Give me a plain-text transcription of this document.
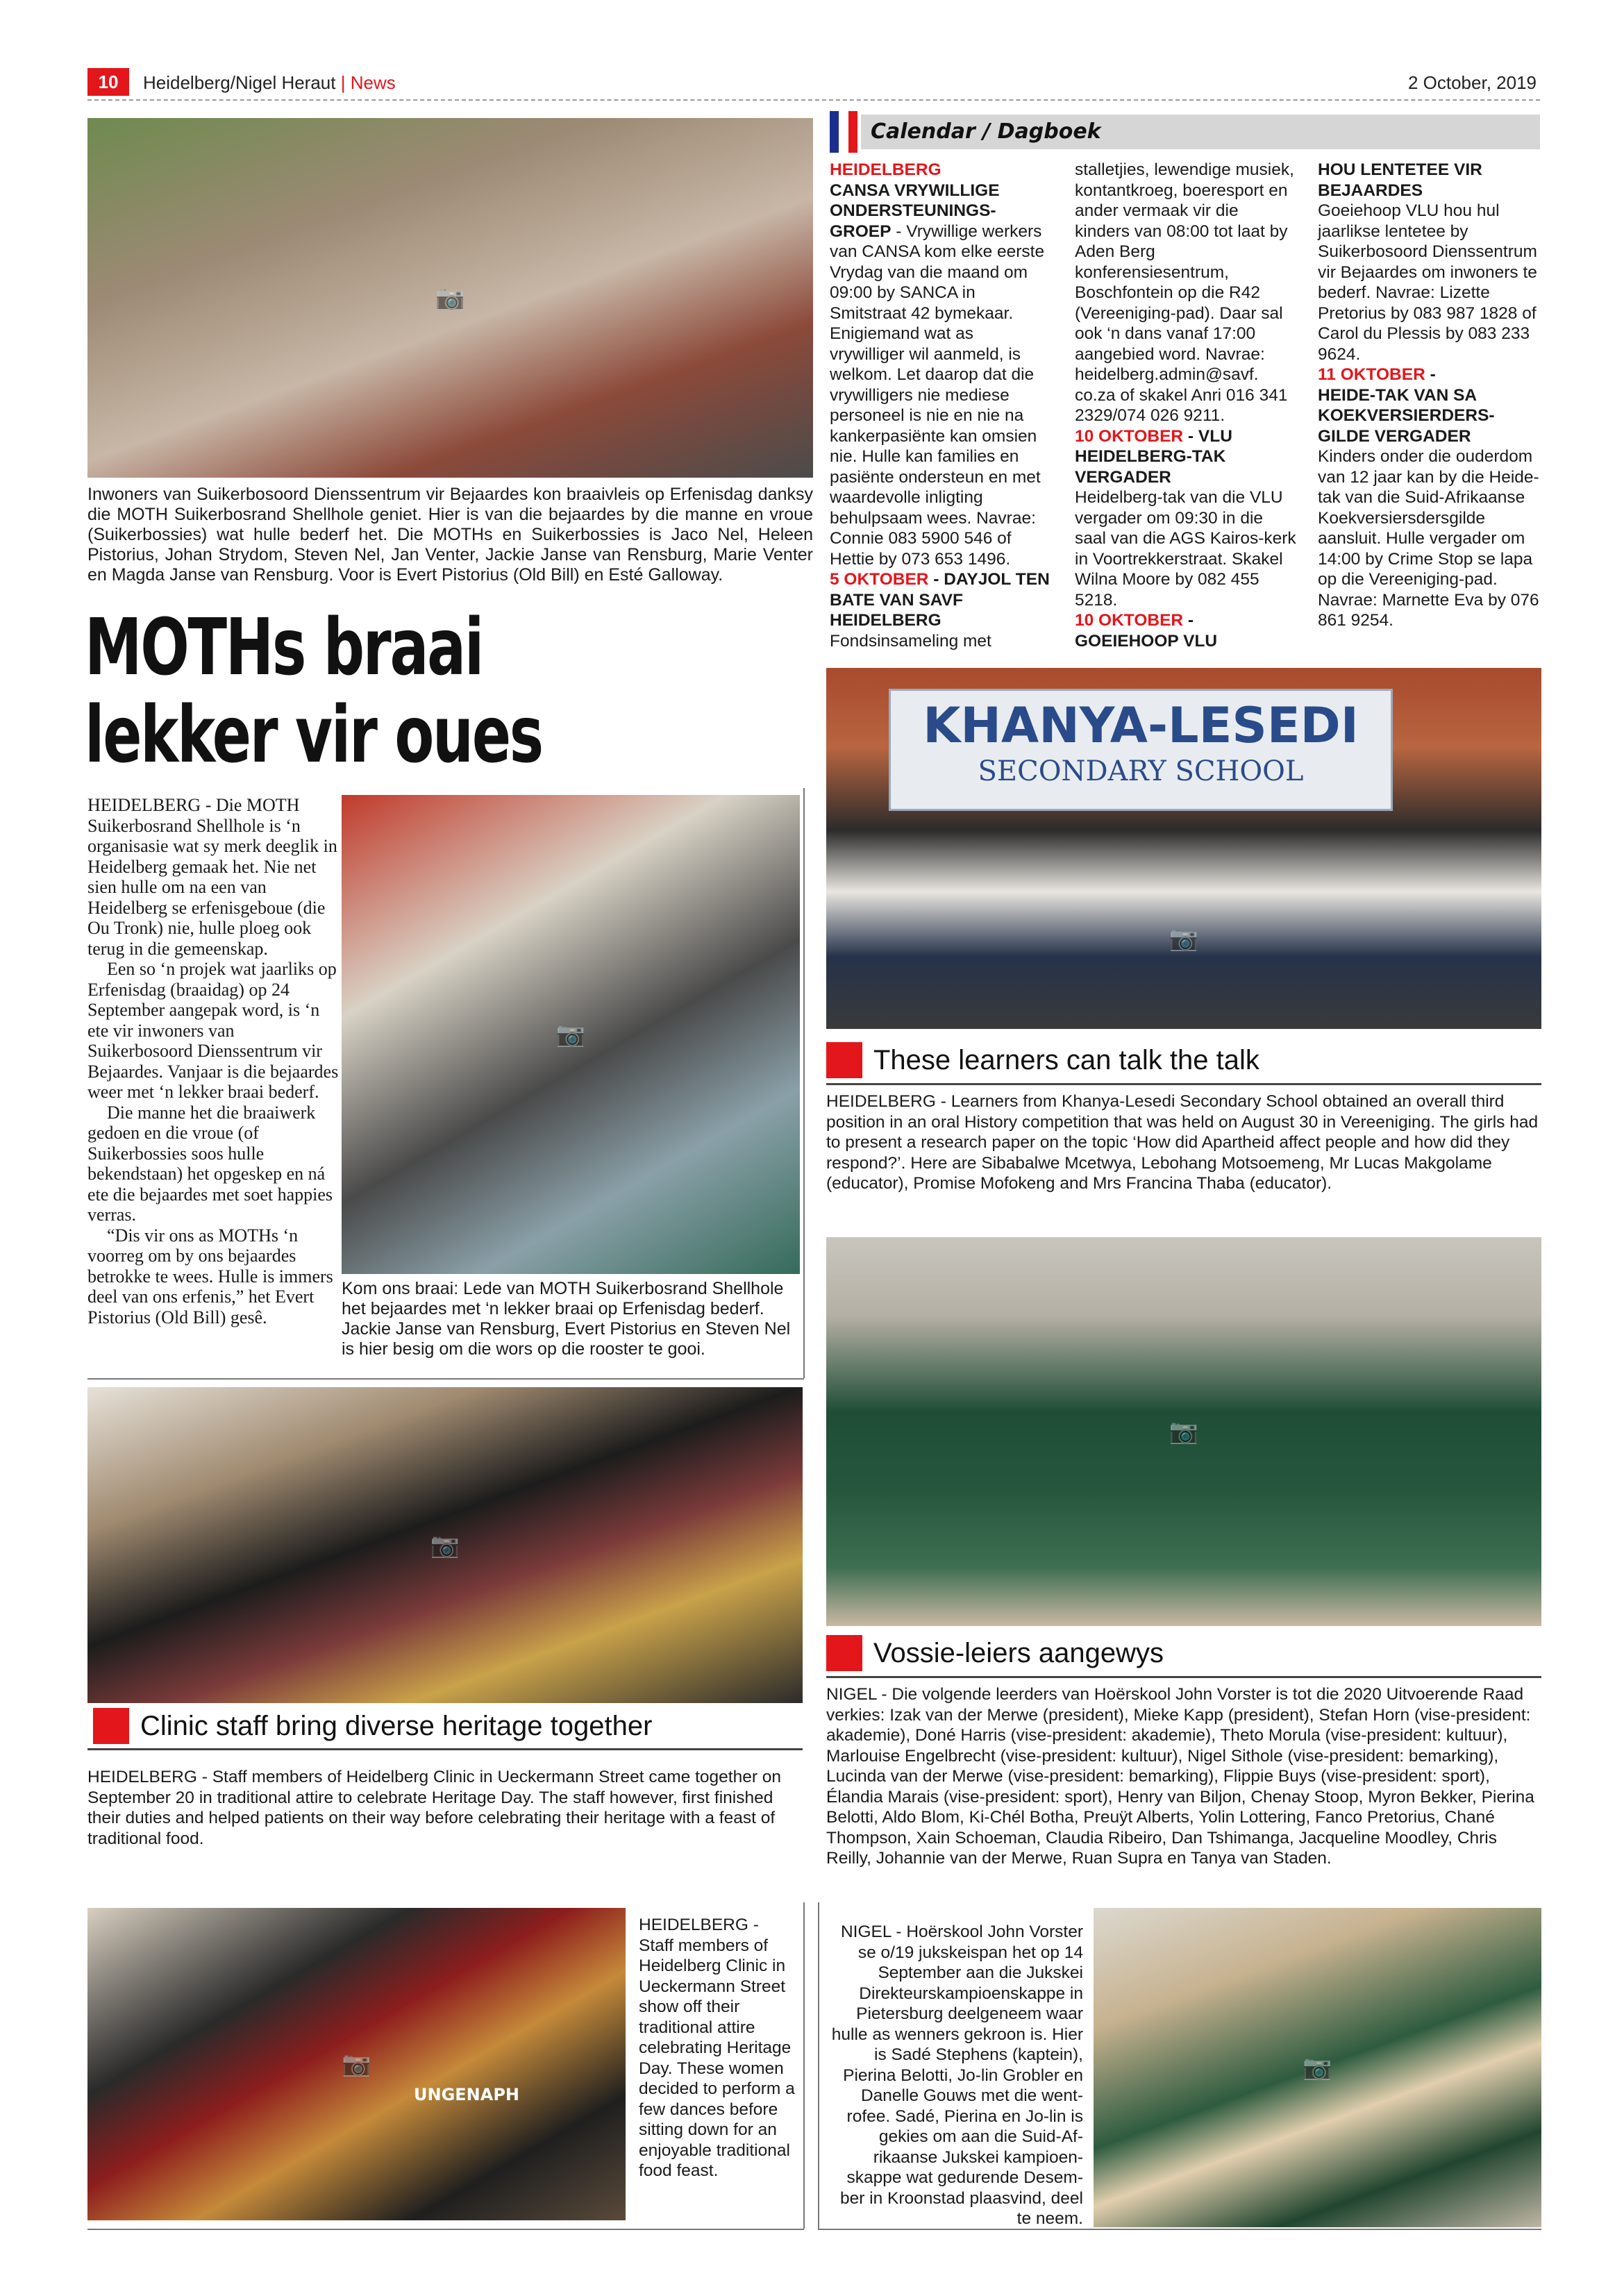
10	Heidelberg/Nigel Heraut | News	2 October, 2019
📷
Inwoners van Suikerbosoord Dienssentrum vir Bejaardes kon braaivleis op Erfenisdag danksy die MOTH Suikerbosrand Shellhole geniet. Hier is van die bejaardes by die manne en vroue (Suikerbossies) wat hulle bederf het. Die MOTHs en Suikerbossies is Jaco Nel, Heleen Pistorius, Johan Strydom, Steven Nel, Jan Venter, Jackie Janse van Rensburg, Marie Venter en Magda Janse van Rensburg. Voor is Evert Pistorius (Old Bill) en Esté Galloway.
MOTHs braai
lekker vir oues

HEIDELBERG - Die MOTH Suikerbosrand Shellhole is ‘n organisasie wat sy merk deeglik in Heidelberg gemaak het. Nie net sien hulle om na een van Heidelberg se erfenisgeboue (die Ou Tronk) nie, hulle ploeg ook terug in die gemeenskap.

Een so ‘n projek wat jaarliks op Erfenisdag (braaidag) op 24 September aangepak word, is ‘n ete vir inwoners van Suikerbosoord Dienssentrum vir Bejaardes. Vanjaar is die bejaardes weer met ‘n lekker braai bederf.

Die manne het die braaiwerk gedoen en die vroue (of Suikerbossies soos hulle bekendstaan) het opgeskep en ná ete die bejaardes met soet happies verras.

“Dis vir ons as MOTHs ‘n voorreg om by ons bejaardes betrokke te wees. Hulle is immers deel van ons erfenis,” het Evert Pistorius (Old Bill) gesê.

📷
Kom ons braai: Lede van MOTH Suikerbosrand Shellhole het bejaardes met ‘n lekker braai op Erfenisdag bederf. Jackie Janse van Rensburg, Evert Pistorius en Steven Nel is hier besig om die wors op die rooster te gooi.
Calendar / Dagboek

HEIDELBERG

CANSA VRYWILLIGE ONDERSTEUNINGS-GROEP - Vrywillige werkers van CANSA kom elke eerste Vrydag van die maand om 09:00 by SANCA in Smitstraat 42 bymekaar. Enigiemand wat as vrywilliger wil aanmeld, is welkom. Let daarop dat die vrywilligers nie mediese personeel is nie en nie na kankerpasiënte kan omsien nie. Hulle kan families en pasiënte ondersteun en met waardevolle inligting behulpsaam wees. Navrae: Connie 083 5900 546 of Hettie by 073 653 1496.

5 OKTOBER - DAYJOL TEN BATE VAN SAVF HEIDELBERG

Fondsinsameling met

stalletjies, lewendige musiek, kontantkroeg, boeresport en ander vermaak vir die kinders van 08:00 tot laat by Aden Berg konferensiesentrum, Boschfontein op die R42 (Vereeniging-pad). Daar sal ook ‘n dans vanaf 17:00 aangebied word. Navrae: heidelberg.admin@savf. co.za of skakel Anri 016 341 2329/074 026 9211.

10 OKTOBER - VLU HEIDELBERG-TAK VERGADER

Heidelberg-tak van die VLU vergader om 09:30 in die saal van die AGS Kairos-kerk in Voortrekkerstraat. Skakel Wilna Moore by 082 455 5218.

10 OKTOBER - GOEIEHOOP VLU

HOU LENTETEE VIR BEJAARDES

Goeiehoop VLU hou hul jaarlikse lentetee by Suikerbosoord Dienssentrum vir Bejaardes om inwoners te bederf. Navrae: Lizette Pretorius by 083 987 1828 of Carol du Plessis by 083 233 9624.

11 OKTOBER -

HEIDE-TAK VAN SA KOEKVERSIERDERS-GILDE VERGADER

Kinders onder die ouderdom van 12 jaar kan by die Heide-tak van die Suid-Afrikaanse Koekversiersdersgilde aansluit. Hulle vergader om 14:00 by Crime Stop se lapa op die Vereeniging-pad. Navrae: Marnette Eva by 076 861 9254.

KHANYA-LESEDI
SECONDARY SCHOOL
📷
These learners can talk the talk
HEIDELBERG - Learners from Khanya-Lesedi Secondary School obtained an overall third position in an oral History competition that was held on August 30 in Vereeniging. The girls had to present a research paper on the topic ‘How did Apartheid affect people and how did they respond?’. Here are Sibabalwe Mcetwya, Lebohang Motsoemeng, Mr Lucas Makgolame (educator), Promise Mofokeng and Mrs Francina Thaba (educator).
📷
Vossie-leiers aangewys
NIGEL - Die volgende leerders van Hoërskool John Vorster is tot die 2020 Uitvoerende Raad verkies: Izak van der Merwe (president), Mieke Kapp (president), Stefan Horn (vise-president: akademie), Doné Harris (vise-president: akademie), Theto Morula (vise-president: kultuur), Marlouise Engelbrecht (vise-president: kultuur), Nigel Sithole (vise-president: bemarking), Lucinda van der Merwe (vise-president: bemarking), Flippie Buys (vise-president: sport), Élandia Marais (vise-president: sport), Henry van Biljon, Chenay Stoop, Myron Bekker, Pierina Belotti, Aldo Blom, Ki-Chél Botha, Preuÿt Alberts, Yolin Lottering, Fanco Pretorius, Chané Thompson, Xain Schoeman, Claudia Ribeiro, Dan Tshimanga, Jacqueline Moodley, Chris Reilly, Johannie van der Merwe, Ruan Supra en Tanya van Staden.
📷
Clinic staff bring diverse heritage together
HEIDELBERG - Staff members of Heidelberg Clinic in Ueckermann Street came together on September 20 in traditional attire to celebrate Heritage Day. The staff however, first finished their duties and helped patients on their way before celebrating their heritage with a feast of traditional food.
UNGENAPH
📷
HEIDELBERG - Staff members of Heidelberg Clinic in Ueckermann Street show off their traditional attire celebrating Heritage Day. These women decided to perform a few dances before sitting down for an enjoyable traditional food feast.
NIGEL - Hoërskool John Vorster se o/19 jukskeispan het op 14 September aan die Jukskei Direkteurskampioenskappe in Pietersburg deelgeneem waar hulle as wenners gekroon is. Hier is Sadé Stephens (kaptein), Pierina Belotti, Jo-lin Grobler en Danelle Gouws met die went-rofee. Sadé, Pierina en Jo-lin is gekies om aan die Suid-Af-rikaanse Jukskei kampioen-skappe wat gedurende Desem-ber in Kroonstad plaasvind, deel te neem.
📷
